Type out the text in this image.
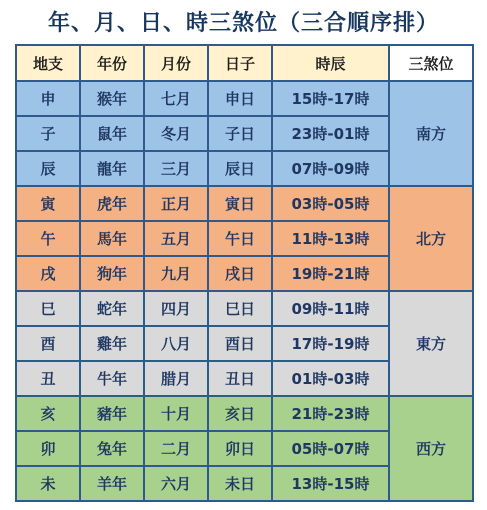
年、月、日、時三煞位（三合順序排）
地支	年份	月份	日子	時辰	三煞位
申	猴年	七月	申日	15時-17時	南方
子	鼠年	冬月	子日	23時-01時	
辰	龍年	三月	辰日	07時-09時	
寅	虎年	正月	寅日	03時-05時	北方
午	馬年	五月	午日	11時-13時	
戌	狗年	九月	戌日	19時-21時	
巳	蛇年	四月	巳日	09時-11時	東方
酉	雞年	八月	酉日	17時-19時	
丑	牛年	腊月	丑日	01時-03時	
亥	豬年	十月	亥日	21時-23時	西方
卯	兔年	二月	卯日	05時-07時	
未	羊年	六月	未日	13時-15時	
